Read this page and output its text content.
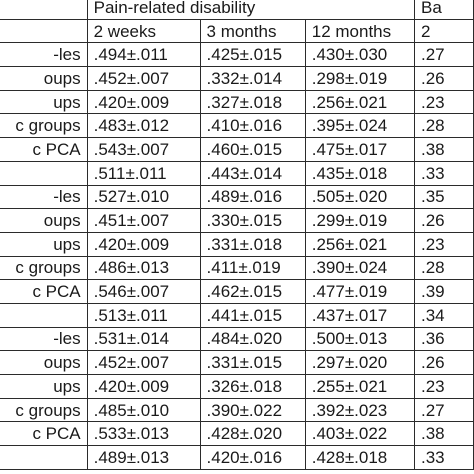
	Pain-related disability			Ba
	2 weeks	3 months	12 months	2
-les	.494±.011	.425±.015	.430±.030	.27
oups	.452±.007	.332±.014	.298±.019	.26
ups	.420±.009	.327±.018	.256±.021	.23
c groups	.483±.012	.410±.016	.395±.024	.28
c PCA	.543±.007	.460±.015	.475±.017	.38
	.511±.011	.443±.014	.435±.018	.33
-les	.527±.010	.489±.016	.505±.020	.35
oups	.451±.007	.330±.015	.299±.019	.26
ups	.420±.009	.331±.018	.256±.021	.23
c groups	.486±.013	.411±.019	.390±.024	.28
c PCA	.546±.007	.462±.015	.477±.019	.39
	.513±.011	.441±.015	.437±.017	.34
-les	.531±.014	.484±.020	.500±.013	.36
oups	.452±.007	.331±.015	.297±.020	.26
ups	.420±.009	.326±.018	.255±.021	.23
c groups	.485±.010	.390±.022	.392±.023	.27
c PCA	.533±.013	.428±.020	.403±.022	.38
	.489±.013	.420±.016	.428±.018	.33
